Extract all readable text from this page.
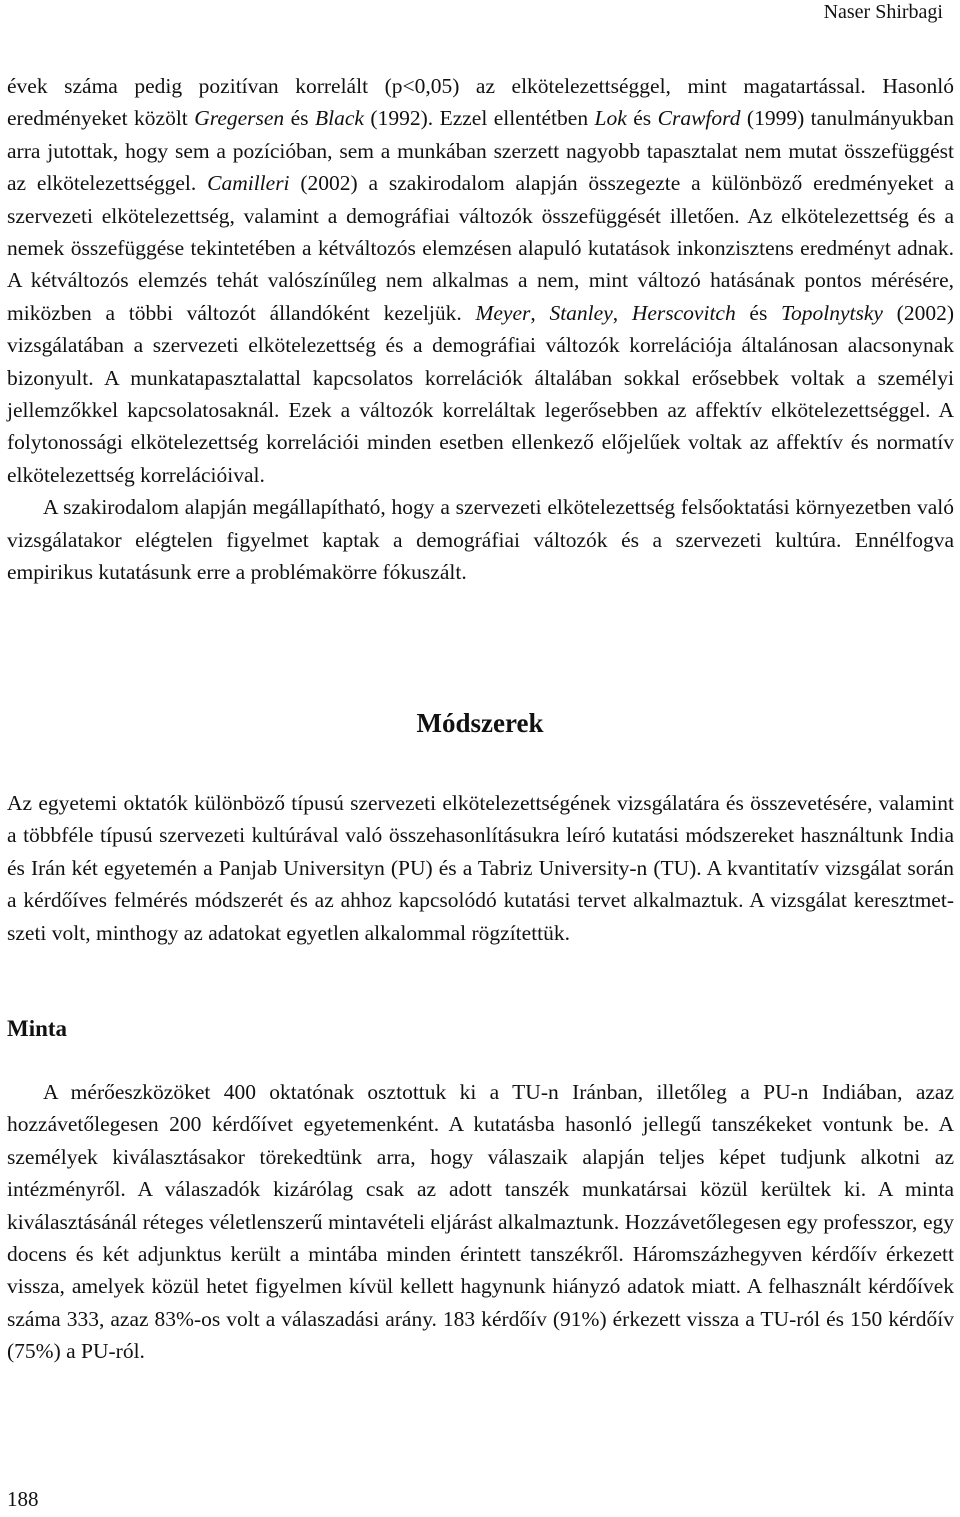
Naser Shirbagi

évek száma pedig pozitívan korrelált (p<0,05) az elkötelezettséggel, mint magatartással. Hasonló eredményeket közölt Gregersen és Black (1992). Ezzel ellentétben Lok és Crawford (1999) tanulmányukban arra jutottak, hogy sem a pozícióban, sem a munkában szerzett nagyobb tapasztalat nem mutat összefüggést az elkötelezettséggel. Camilleri (2002) a szakirodalom alapján összegezte a különböző eredményeket a szervezeti elkötelezettség, valamint a demográfiai változók összefüggését illetően. Az elkötelezettség és a nemek összefüggése tekintetében a kétváltozós elemzésen alapuló kutatások inkonzisztens eredményt adnak. A kétváltozós elemzés tehát valószínűleg nem alkalmas a nem, mint változó hatásának pontos mérésére, miközben a többi változót állandóként kezeljük. Meyer, Stanley, Herscovitch és Topolnytsky (2002) vizsgálatában a szervezeti elkötelezettség és a demográfiai változók korrelációja általánosan alacsonynak bizonyult. A munkatapasztalattal kapcsolatos korrelációk általában sokkal erősebbek voltak a személyi jellemzőkkel kapcsolatosaknál. Ezek a változók korreláltak legerősebben az affektív elkötelezettséggel. A folytonossági elkötelezettség korrelációi minden esetben ellenkező előjelűek voltak az affektív és normatív elkötelezettség korrelációival.

A szakirodalom alapján megállapítható, hogy a szervezeti elkötelezettség felsőoktatási környezetben való vizsgálatakor elégtelen figyelmet kaptak a demográfiai változók és a szervezeti kultúra. Ennélfogva empirikus kutatásunk erre a problémakörre fókuszált.

Módszerek

Az egyetemi oktatók különböző típusú szervezeti elkötelezettségének vizsgálatára és összevetésére, valamint a többféle típusú szervezeti kultúrával való összehasonlításukra leíró kutatási módszereket használtunk India és Irán két egyetemén a Panjab Universityn (PU) és a Tabriz University-n (TU). A kvantitatív vizsgálat során a kérdőíves felmérés módszerét és az ahhoz kapcsolódó kutatási tervet alkalmaztuk. A vizsgálat keresztmetszeti volt, minthogy az adatokat egyetlen alkalommal rögzítettük.

Minta

A mérőeszközöket 400 oktatónak osztottuk ki a TU-n Iránban, illetőleg a PU-n Indiában, azaz hozzávetőlegesen 200 kérdőívet egyetemenként. A kutatásba hasonló jellegű tanszékeket vontunk be. A személyek kiválasztásakor törekedtünk arra, hogy válaszaik alapján teljes képet tudjunk alkotni az intézményről. A válaszadók kizárólag csak az adott tanszék munkatársai közül kerültek ki. A minta kiválasztásánál réteges véletlenszerű mintavételi eljárást alkalmaztunk. Hozzávetőlegesen egy professzor, egy docens és két adjunktus került a mintába minden érintett tanszékről. Háromszázhegyven kérdőív érkezett vissza, amelyek közül hetet figyelmen kívül kellett hagynunk hiányzó adatok miatt. A felhasznált kérdőívek száma 333, azaz 83%-os volt a válaszadási arány. 183 kérdőív (91%) érkezett vissza a TU-ról és 150 kérdőív (75%) a PU-ról.

188
